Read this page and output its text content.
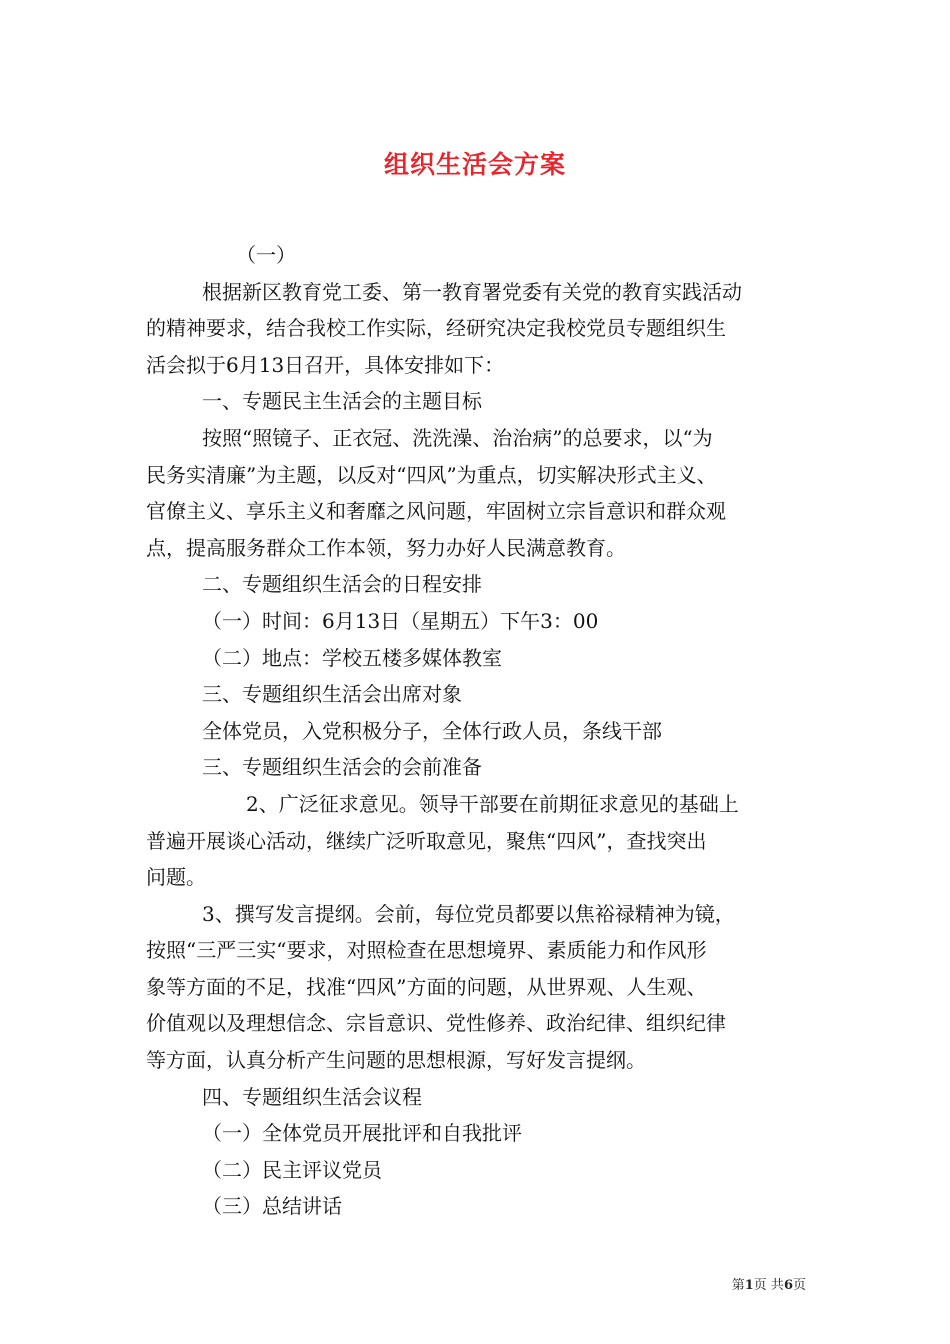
组织生活会方案

（一）

根据新区教育党工委、第一教育署党委有关党的教育实践活动

的精神要求，结合我校工作实际，经研究决定我校党员专题组织生

活会拟于6月13日召开，具体安排如下：

一、专题民主生活会的主题目标

按照“照镜子、正衣冠、洗洗澡、治治病”的总要求，以“为

民务实清廉”为主题，以反对“四风”为重点，切实解决形式主义、

官僚主义、享乐主义和奢靡之风问题，牢固树立宗旨意识和群众观

点，提高服务群众工作本领，努力办好人民满意教育。

二、专题组织生活会的日程安排

（一）时间：6月13日（星期五）下午3：00

（二）地点：学校五楼多媒体教室

三、专题组织生活会出席对象

全体党员，入党积极分子，全体行政人员，条线干部

三、专题组织生活会的会前准备

2、广泛征求意见。领导干部要在前期征求意见的基础上

普遍开展谈心活动，继续广泛听取意见，聚焦“四风”，查找突出

问题。

3、撰写发言提纲。会前，每位党员都要以焦裕禄精神为镜，

按照“三严三实“要求，对照检查在思想境界、素质能力和作风形

象等方面的不足，找准“四风”方面的问题，从世界观、人生观、

价值观以及理想信念、宗旨意识、党性修养、政治纪律、组织纪律

等方面，认真分析产生问题的思想根源，写好发言提纲。

四、专题组织生活会议程

（一）全体党员开展批评和自我批评

（二）民主评议党员

（三）总结讲话

第1页 共6页
